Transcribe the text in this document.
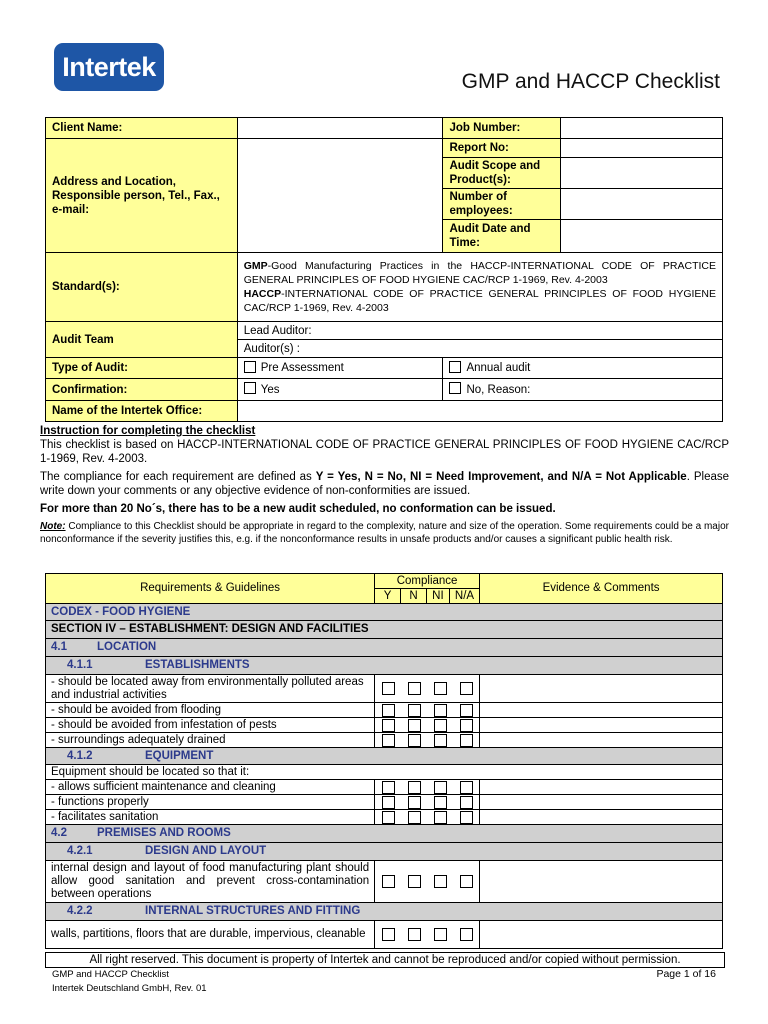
Intertek	GMP and HACCP Checklist
Client Name:		Job Number:	
Address and Location, Responsible person, Tel., Fax., e-mail:		Report No:	
		Audit Scope and Product(s):	
		Number of employees:	
		Audit Date and Time:	
Standard(s):	GMP-Good Manufacturing Practices in the HACCP-INTERNATIONAL CODE OF PRACTICE GENERAL PRINCIPLES OF FOOD HYGIENE CAC/RCP 1-1969, Rev. 4-2003
HACCP-INTERNATIONAL CODE OF PRACTICE GENERAL PRINCIPLES OF FOOD HYGIENE CAC/RCP 1-1969, Rev. 4-2003		
Audit Team	Lead Auditor:		
	Auditor(s) :		
Type of Audit:	Pre Assessment	Annual audit	
Confirmation:	Yes	No, Reason:	
Name of the Intertek Office:			

Instruction for completing the checklist

This checklist is based on HACCP-INTERNATIONAL CODE OF PRACTICE GENERAL PRINCIPLES OF FOOD HYGIENE CAC/RCP 1-1969, Rev. 4-2003.

The compliance for each requirement are defined as Y = Yes, N = No, NI = Need Improvement, and N/A = Not Applicable. Please write down your comments or any objective evidence of non-conformities are issued.

For more than 20 No´s, there has to be a new audit scheduled, no conformation can be issued.

Note: Compliance to this Checklist should be appropriate in regard to the complexity, nature and size of the operation. Some requirements could be a major nonconformance if the severity justifies this, e.g. if the nonconformance results in unsafe products and/or causes a significant public health risk.

Requirements & Guidelines	Compliance				Evidence & Comments
	Y	N	NI	N/A	
CODEX - FOOD HYGIENE					
SECTION IV – ESTABLISHMENT: DESIGN AND FACILITIES					
4.1 LOCATION					
4.1.1 ESTABLISHMENTS					
- should be located away from environmentally polluted areas and industrial activities				

- should be avoided from flooding				

- should be avoided from infestation of pests				

- surroundings adequately drained				

4.1.2 EQUIPMENT					
Equipment should be located so that it:					
- allows sufficient maintenance and cleaning				

- functions properly				

- facilitates sanitation				

4.2 PREMISES AND ROOMS					
4.2.1 DESIGN AND LAYOUT					
internal design and layout of food manufacturing plant should allow good sanitation and prevent cross-contamination between operations				

4.2.2 INTERNAL STRUCTURES AND FITTING					
walls, partitions, floors that are durable, impervious, cleanable				

All right reserved. This document is property of Intertek and cannot be reproduced and/or copied without permission.
GMP and HACCP Checklist
Intertek Deutschland GmbH, Rev. 01
Page 1 of 16
